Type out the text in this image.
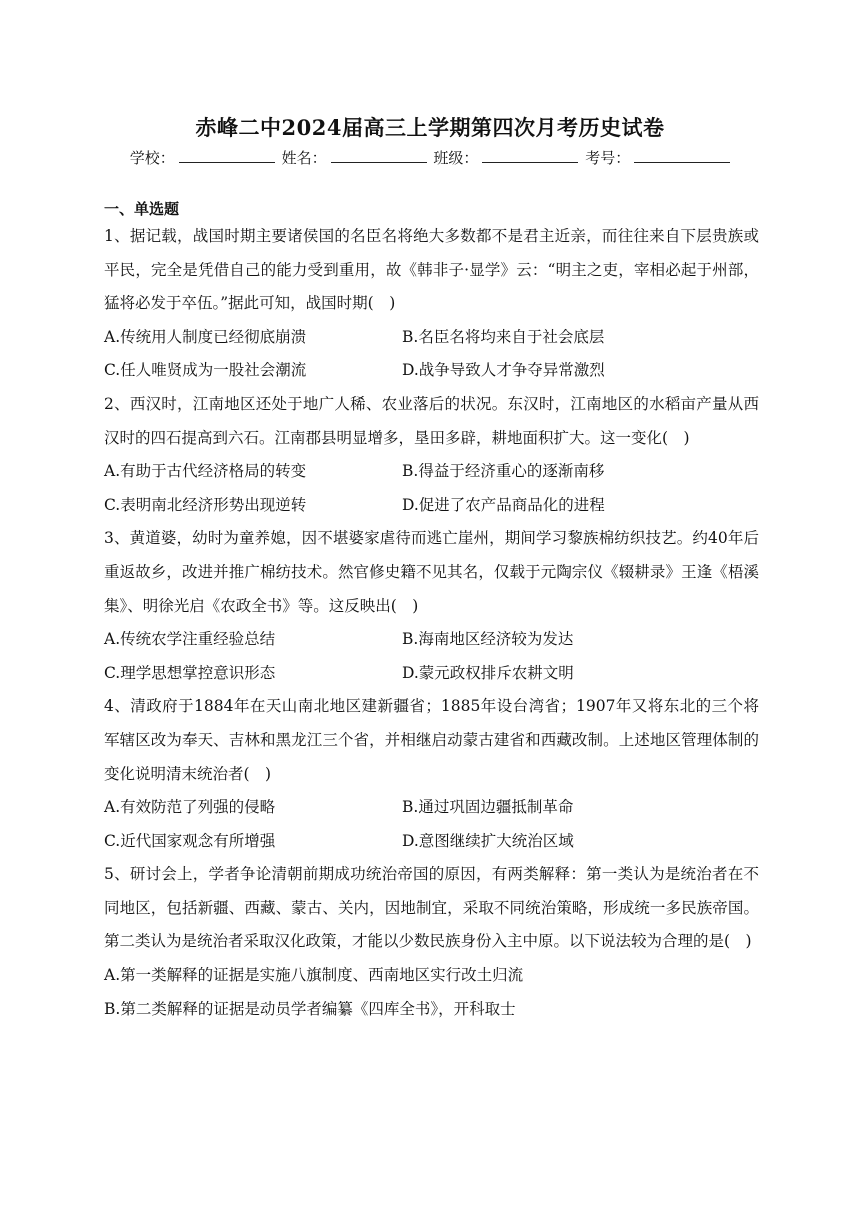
赤峰二中2024届高三上学期第四次月考历史试卷
学校：	姓名：	班级：	考号：
一、单选题
1、据记载，战国时期主要诸侯国的名臣名将绝大多数都不是君主近亲，而往往来自下层贵族或平民，完全是凭借自己的能力受到重用，故《韩非子·显学》云：“明主之吏，宰相必起于州部，猛将必发于卒伍。”据此可知，战国时期(　)
A.传统用人制度已经彻底崩溃	B.名臣名将均来自于社会底层
C.任人唯贤成为一股社会潮流	D.战争导致人才争夺异常激烈
2、西汉时，江南地区还处于地广人稀、农业落后的状况。东汉时，江南地区的水稻亩产量从西汉时的四石提高到六石。江南郡县明显增多，垦田多辟，耕地面积扩大。这一变化(　)
A.有助于古代经济格局的转变	B.得益于经济重心的逐渐南移
C.表明南北经济形势出现逆转	D.促进了农产品商品化的进程
3、黄道婆，幼时为童养媳，因不堪婆家虐待而逃亡崖州，期间学习黎族棉纺织技艺。约40年后重返故乡，改进并推广棉纺技术。然官修史籍不见其名，仅载于元陶宗仪《辍耕录》王逢《梧溪集》、明徐光启《农政全书》等。这反映出(　)
A.传统农学注重经验总结	B.海南地区经济较为发达
C.理学思想掌控意识形态	D.蒙元政权排斥农耕文明
4、清政府于1884年在天山南北地区建新疆省；1885年设台湾省；1907年又将东北的三个将军辖区改为奉天、吉林和黑龙江三个省，并相继启动蒙古建省和西藏改制。上述地区管理体制的变化说明清末统治者(　)
A.有效防范了列强的侵略	B.通过巩固边疆抵制革命
C.近代国家观念有所增强	D.意图继续扩大统治区域
5、研讨会上，学者争论清朝前期成功统治帝国的原因，有两类解释：第一类认为是统治者在不同地区，包括新疆、西藏、蒙古、关内，因地制宜，采取不同统治策略，形成统一多民族帝国。第二类认为是统治者采取汉化政策，才能以少数民族身份入主中原。以下说法较为合理的是(　)
A.第一类解释的证据是实施八旗制度、西南地区实行改土归流
B.第二类解释的证据是动员学者编纂《四库全书》，开科取士
